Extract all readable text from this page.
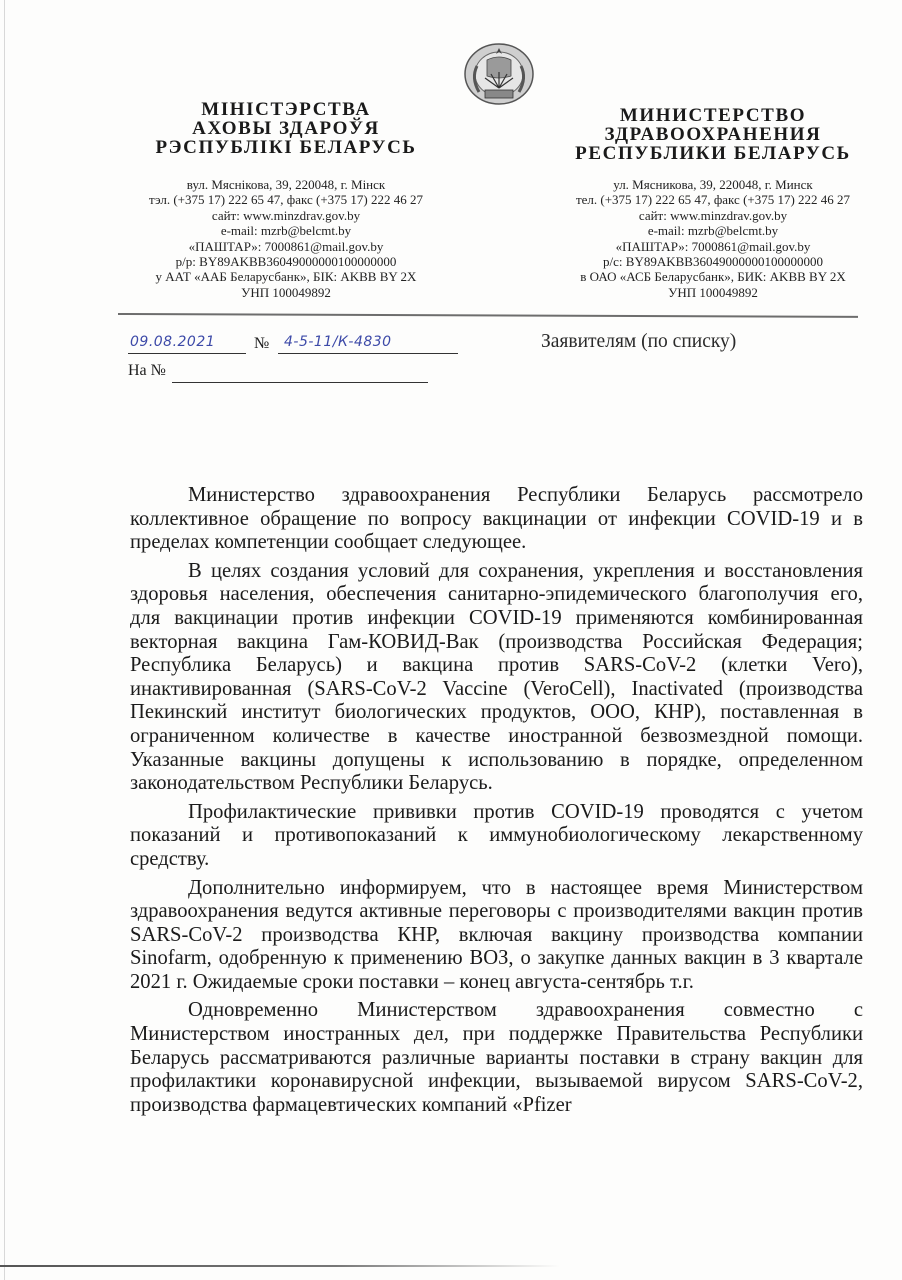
МІНІСТЭРСТВА
АХОВЫ ЗДАРОЎЯ
РЭСПУБЛІКІ БЕЛАРУСЬ
вул. Мяснікова, 39, 220048, г. Мінск
тэл. (+375 17) 222 65 47, факс (+375 17) 222 46 27
сайт: www.minzdrav.gov.by
e-mail: mzrb@belcmt.by
«ПАШТАР»: 7000861@mail.gov.by
р/р: BY89AKBB36049000000100000000
у ААТ «ААБ Беларусбанк», БІК: AKBB BY 2X
УНП 100049892
МИНИСТЕРСТВО
ЗДРАВООХРАНЕНИЯ
РЕСПУБЛИКИ БЕЛАРУСЬ
ул. Мясникова, 39, 220048, г. Минск
тел. (+375 17) 222 65 47, факс (+375 17) 222 46 27
сайт: www.minzdrav.gov.by
e-mail: mzrb@belcmt.by
«ПАШТАР»: 7000861@mail.gov.by
р/с: BY89AKBB36049000000100000000
в ОАО «АСБ Беларусбанк», БИК: AKBB BY 2X
УНП 100049892
09.08.2021 № 4-5-11/К-4830
На №
Заявителям (по списку)

Министерство здравоохранения Республики Беларусь рассмотрело коллективное обращение по вопросу вакцинации от инфекции COVID-19 и в пределах компетенции сообщает следующее.

В целях создания условий для сохранения, укрепления и восстановления здоровья населения, обеспечения санитарно-эпидемического благополучия его, для вакцинации против инфекции COVID-19 применяются комбинированная векторная вакцина Гам-КОВИД-Вак (производства Российская Федерация; Республика Беларусь) и вакцина против SARS-CoV-2 (клетки Vero), инактивированная (SARS-CoV-2 Vaccine (VeroCell), Inactivated (производства Пекинский институт биологических продуктов, ООО, КНР), поставленная в ограниченном количестве в качестве иностранной безвозмездной помощи. Указанные вакцины допущены к использованию в порядке, определенном законодательством Республики Беларусь.

Профилактические прививки против COVID-19 проводятся с учетом показаний и противопоказаний к иммунобиологическому лекарственному средству.

Дополнительно информируем, что в настоящее время Министерством здравоохранения ведутся активные переговоры с производителями вакцин против SARS-CoV-2 производства КНР, включая вакцину производства компании Sinofarm, одобренную к применению ВОЗ, о закупке данных вакцин в 3 квартале 2021 г. Ожидаемые сроки поставки – конец августа-сентябрь т.г.

Одновременно Министерством здравоохранения совместно с Министерством иностранных дел, при поддержке Правительства Республики Беларусь рассматриваются различные варианты поставки в страну вакцин для профилактики коронавирусной инфекции, вызываемой вирусом SARS-CoV-2, производства фармацевтических компаний «Pfizer
